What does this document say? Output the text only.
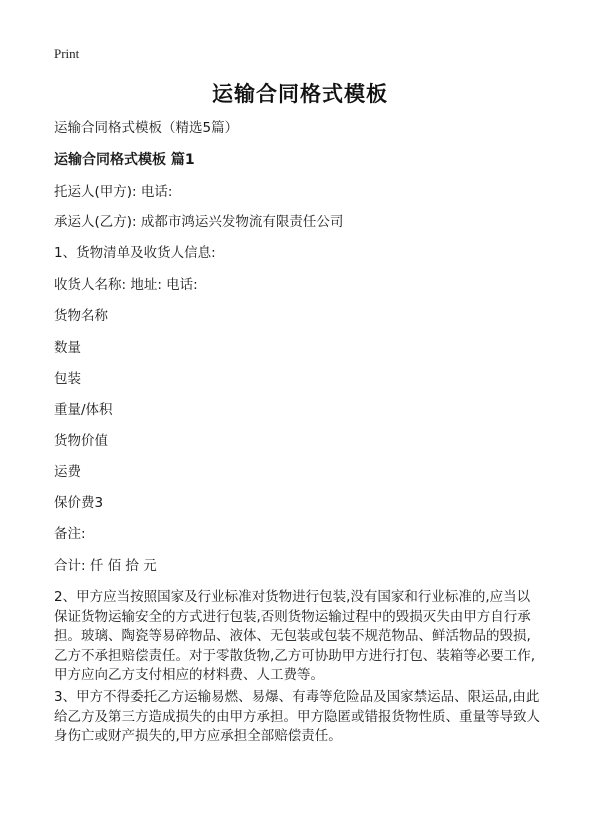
Print
运输合同格式模板
运输合同格式模板（精选5篇）
运输合同格式模板 篇1
托运人(甲方): 电话:
承运人(乙方): 成都市鸿运兴发物流有限责任公司
1、货物清单及收货人信息:
收货人名称: 地址: 电话:
货物名称
数量
包装
重量/体积
货物价值
运费
保价费3
备注:
合计: 仟 佰 拾 元
2、甲方应当按照国家及行业标准对货物进行包装,没有国家和行业标准的,应当以
保证货物运输安全的方式进行包装,否则货物运输过程中的毁损灭失由甲方自行承
担。玻璃、陶瓷等易碎物品、液体、无包装或包装不规范物品、鲜活物品的毁损,
乙方不承担赔偿责任。对于零散货物,乙方可协助甲方进行打包、装箱等必要工作,
甲方应向乙方支付相应的材料费、人工费等。
3、甲方不得委托乙方运输易燃、易爆、有毒等危险品及国家禁运品、限运品,由此
给乙方及第三方造成损失的由甲方承担。甲方隐匿或错报货物性质、重量等导致人
身伤亡或财产损失的,甲方应承担全部赔偿责任。
